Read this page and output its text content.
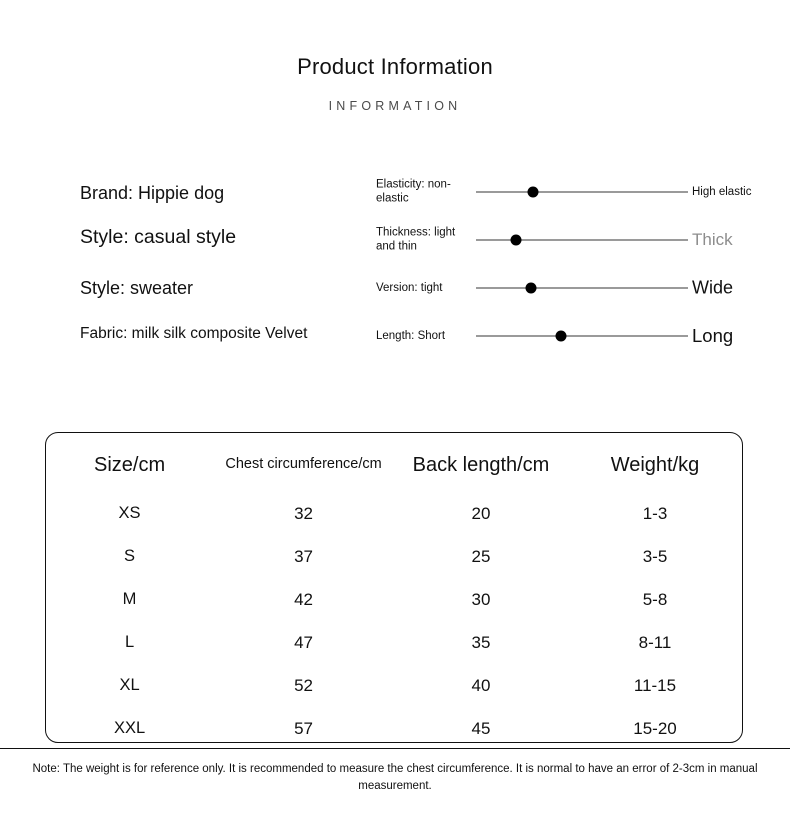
Product Information
INFORMATION
Brand: Hippie dog
Style: casual style
Style: sweater
Fabric: milk silk composite Velvet
Elasticity: non-elastic
High elastic
Thickness: light and thin	Thick
Version: tight	Wide
Length: Short	Long
Size/cm	Chest circumference/cm	Back length/cm	Weight/kg
XS	32	20	1-3
S	37	25	3-5
M	42	30	5-8
L	47	35	8-11
XL	52	40	11-15
XXL	57	45	15-20
Note: The weight is for reference only. It is recommended to measure the chest circumference. It is normal to have an error of 2-3cm in manual measurement.
